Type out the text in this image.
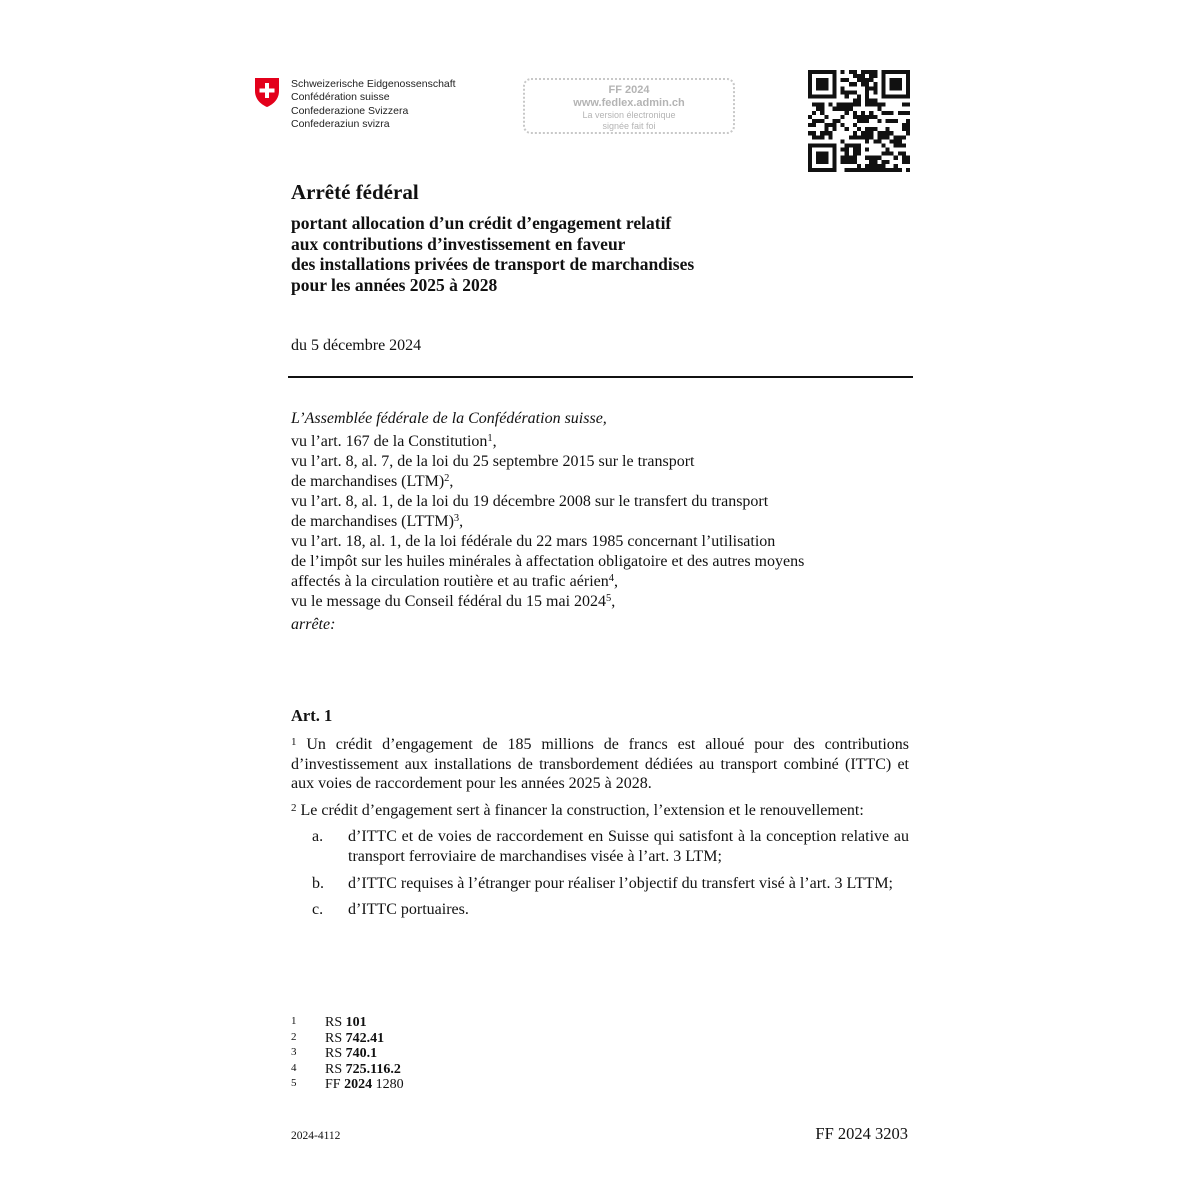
Schweizerische Eidgenossenschaft
Confédération suisse
Confederazione Svizzera
Confederaziun svizra
FF 2024
www.fedlex.admin.ch
La version électronique
signée fait foi
Arrêté fédéral
portant allocation d’un crédit d’engagement relatif
aux contributions d’investissement en faveur
des installations privées de transport de marchandises
pour les années 2025 à 2028
du 5 décembre 2024
L’Assemblée fédérale de la Confédération suisse,
vu l’art. 167 de la Constitution$^1$,
vu l’art. 8, al. 7, de la loi du 25 septembre 2015 sur le transport
de marchandises (LTM)$^2$,
vu l’art. 8, al. 1, de la loi du 19 décembre 2008 sur le transfert du transport
de marchandises (LTTM)$^3$,
vu l’art. 18, al. 1, de la loi fédérale du 22 mars 1985 concernant l’utilisation
de l’impôt sur les huiles minérales à affectation obligatoire et des autres moyens
affectés à la circulation routière et au trafic aérien$^4$,
vu le message du Conseil fédéral du 15 mai 2024$^5$,
arrête:
Art. 1

$^1$ Un crédit d’engagement de 185 millions de francs est alloué pour des contributions d’investissement aux installations de transbordement dédiées au transport combiné (ITTC) et aux voies de raccordement pour les années 2025 à 2028.

$^2$ Le crédit d’engagement sert à financer la construction, l’extension et le renouvellement:

a.	d’ITTC et de voies de raccordement en Suisse qui satisfont à la conception relative au transport ferroviaire de marchandises visée à l’art. 3 LTM;
b.	d’ITTC requises à l’étranger pour réaliser l’objectif du transfert visé à l’art. 3 LTTM;
c.	d’ITTC portuaires.
1	RS 101
2	RS 742.41
3	RS 740.1
4	RS 725.116.2
5	FF 2024 1280
2024-4112	FF 2024 3203
